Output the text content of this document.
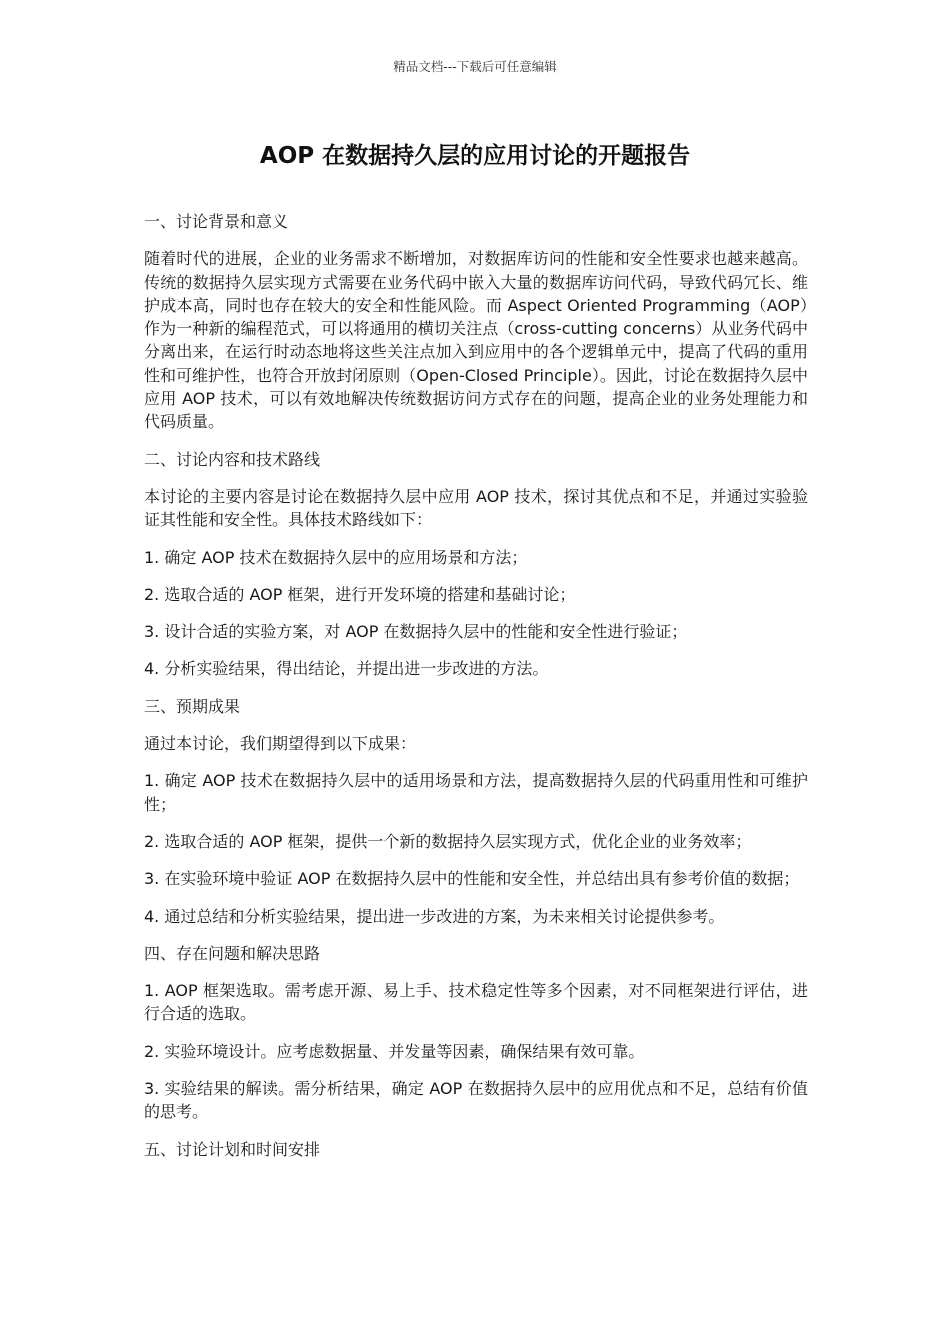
精品文档---下载后可任意编辑
AOP 在数据持久层的应用讨论的开题报告

一、讨论背景和意义

随着时代的进展，企业的业务需求不断增加，对数据库访问的性能和安全性要求也越来越高。传统的数据持久层实现方式需要在业务代码中嵌入大量的数据库访问代码，导致代码冗长、维护成本高，同时也存在较大的安全和性能风险。而 Aspect Oriented Programming（AOP）作为一种新的编程范式，可以将通用的横切关注点（cross-cutting concerns）从业务代码中分离出来，在运行时动态地将这些关注点加入到应用中的各个逻辑单元中，提高了代码的重用性和可维护性，也符合开放封闭原则（Open-Closed Principle）。因此，讨论在数据持久层中应用 AOP 技术，可以有效地解决传统数据访问方式存在的问题，提高企业的业务处理能力和代码质量。

二、讨论内容和技术路线

本讨论的主要内容是讨论在数据持久层中应用 AOP 技术，探讨其优点和不足，并通过实验验证其性能和安全性。具体技术路线如下：

1. 确定 AOP 技术在数据持久层中的应用场景和方法；

2. 选取合适的 AOP 框架，进行开发环境的搭建和基础讨论；

3. 设计合适的实验方案，对 AOP 在数据持久层中的性能和安全性进行验证；

4. 分析实验结果，得出结论，并提出进一步改进的方法。

三、预期成果

通过本讨论，我们期望得到以下成果：

1. 确定 AOP 技术在数据持久层中的适用场景和方法，提高数据持久层的代码重用性和可维护性；

2. 选取合适的 AOP 框架，提供一个新的数据持久层实现方式，优化企业的业务效率；

3. 在实验环境中验证 AOP 在数据持久层中的性能和安全性，并总结出具有参考价值的数据；

4. 通过总结和分析实验结果，提出进一步改进的方案，为未来相关讨论提供参考。

四、存在问题和解决思路

1. AOP 框架选取。需考虑开源、易上手、技术稳定性等多个因素，对不同框架进行评估，进行合适的选取。

2. 实验环境设计。应考虑数据量、并发量等因素，确保结果有效可靠。

3. 实验结果的解读。需分析结果，确定 AOP 在数据持久层中的应用优点和不足，总结有价值的思考。

五、讨论计划和时间安排
